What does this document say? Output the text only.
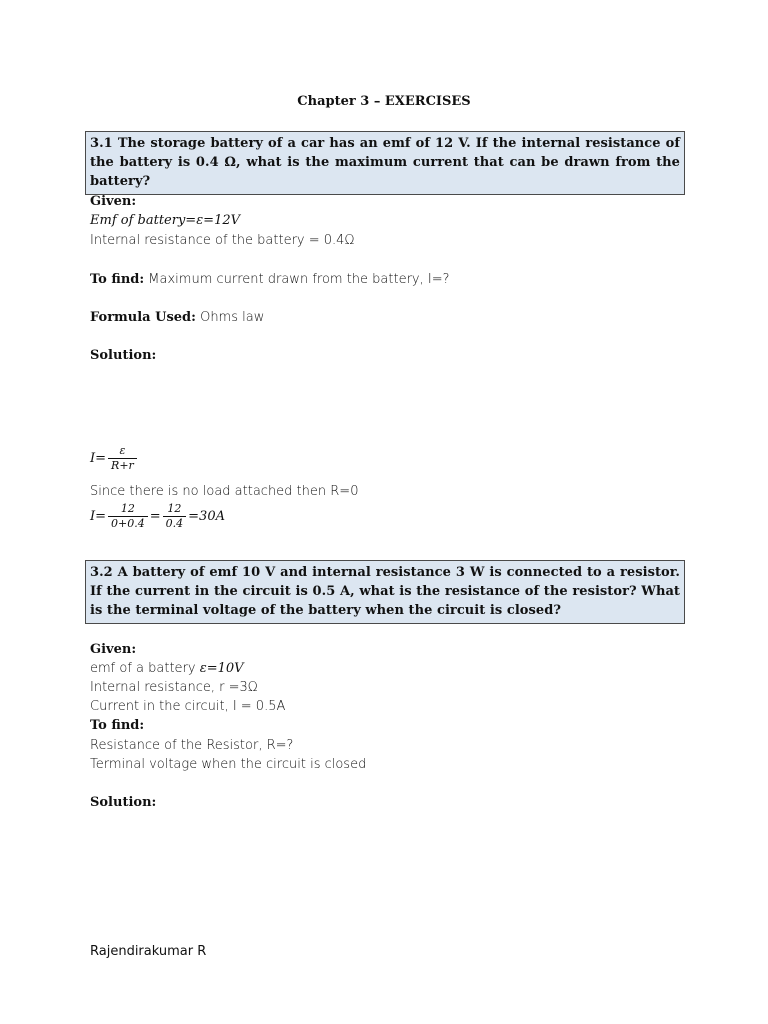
Chapter 3 – EXERCISES
3.1 The storage battery of a car has an emf of 12 V. If the internal resistance of the battery is 0.4 Ω, what is the maximum current that can be drawn from the battery?
Given:
Emf of battery=ε=12V
Internal resistance of the battery = 0.4Ω
To find: Maximum current drawn from the battery, I=?
Formula Used: Ohms law
Solution:
$I= \frac{\varepsilon}{R+r}$
Since there is no load attached then R=0
$I= \frac{12}{0+0.4} = \frac{12}{0.4} =30A$
3.2 A battery of emf 10 V and internal resistance 3 W is connected to a resistor. If the current in the circuit is 0.5 A, what is the resistance of the resistor? What is the terminal voltage of the battery when the circuit is closed?
Given:
emf of a battery ε=10V
Internal resistance, r =3Ω
Current in the circuit, I = 0.5A
To find:
Resistance of the Resistor, R=?
Terminal voltage when the circuit is closed
Solution:
Rajendirakumar R
